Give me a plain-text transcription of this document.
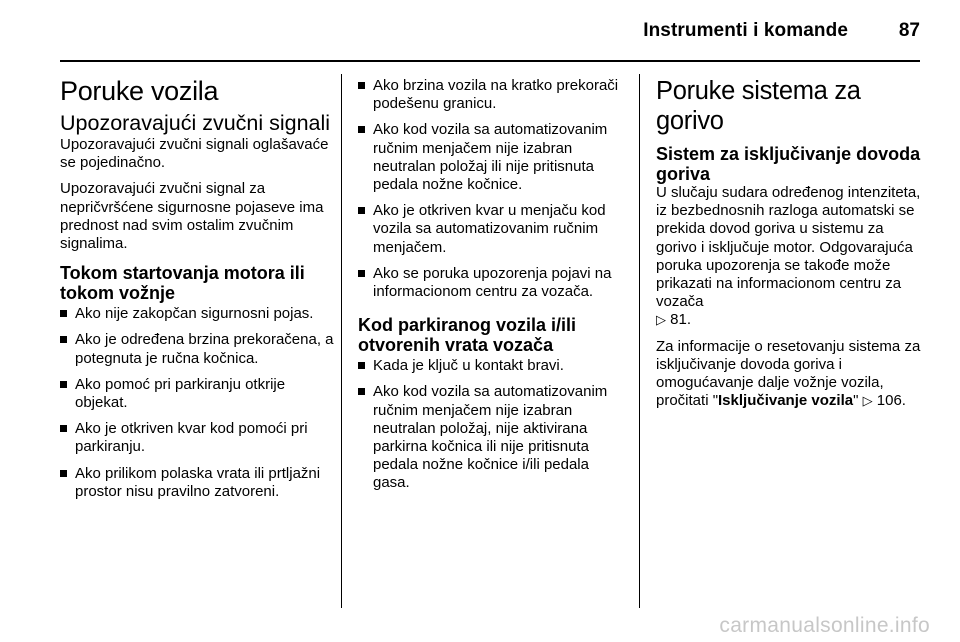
Instrumenti i komande	87
Poruke vozila
Upozoravajući zvučni signali
Upozoravajući zvučni signali oglašavaće se pojedinačno.
Upozoravajući zvučni signal za nepričvršćene sigurnosne pojaseve ima prednost nad svim ostalim zvučnim signalima.
Tokom startovanja motora ili tokom vožnje
Ako nije zakopčan sigurnosni pojas.
Ako je određena brzina prekoračena, a potegnuta je ručna kočnica.
Ako pomoć pri parkiranju otkrije objekat.
Ako je otkriven kvar kod pomoći pri parkiranju.
Ako prilikom polaska vrata ili prtljažni prostor nisu pravilno zatvoreni.
Ako brzina vozila na kratko prekorači podešenu granicu.
Ako kod vozila sa automatizovanim ručnim menjačem nije izabran neutralan položaj ili nije pritisnuta pedala nožne kočnice.
Ako je otkriven kvar u menjaču kod vozila sa automatizovanim ručnim menjačem.
Ako se poruka upozorenja pojavi na informacionom centru za vozača.
Kod parkiranog vozila i/ili otvorenih vrata vozača
Kada je ključ u kontakt bravi.
Ako kod vozila sa automatizovanim ručnim menjačem nije izabran neutralan položaj, nije aktivirana parkirna kočnica ili nije pritisnuta pedala nožne kočnice i/ili pedala gasa.
Poruke sistema za gorivo
Sistem za isključivanje dovoda goriva
U slučaju sudara određenog intenziteta, iz bezbednosnih razloga automatski se prekida dovod goriva u sistemu za gorivo i isključuje motor. Odgovarajuća poruka upozorenja se takođe može prikazati na informacionom centru za vozača
▷ 81.
Za informacije o resetovanju sistema za isključivanje dovoda goriva i omogućavanje dalje vožnje vozila, pročitati "Isključivanje vozila" ▷ 106.
carmanualsonline.info
